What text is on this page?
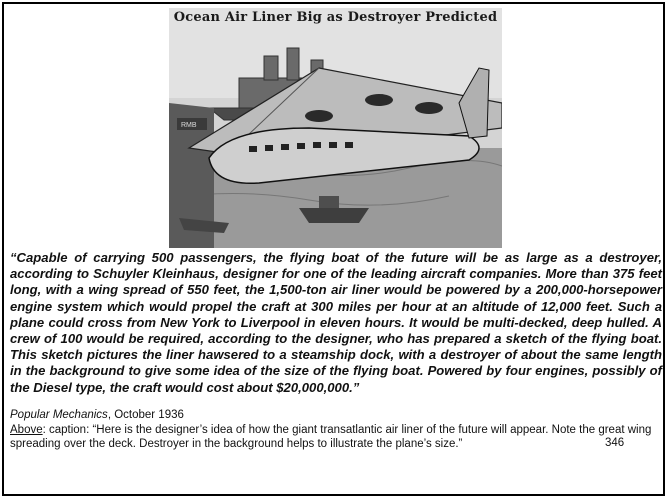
RMB
Ocean Air Liner Big as Destroyer Predicted

“Capable of carrying 500 passengers, the flying boat of the future will be as large as a destroyer, according to Schuyler Kleinhaus, designer for one of the leading aircraft companies. More than 375 feet long, with a wing spread of 550 feet, the 1,500-ton air liner would be powered by a 200,000-horsepower engine system which would propel the craft at 300 miles per hour at an altitude of 12,000 feet. Such a plane could cross from New York to Liverpool in eleven hours. It would be multi-decked, deep hulled. A crew of 100 would be required, according to the designer, who has prepared a sketch of the flying boat. This sketch pictures the liner hawsered to a steamship dock, with a destroyer of about the same length in the background to give some idea of the size of the flying boat. Powered by four engines, possibly of the Diesel type, the craft would cost about $20,000,000.”

Popular Mechanics, October 1936

Above: caption: “Here is the designer’s idea of how the giant transatlantic air liner of the future will appear. Note the great wing spreading over the deck. Destroyer in the background helps to illustrate the plane’s size.”	346
